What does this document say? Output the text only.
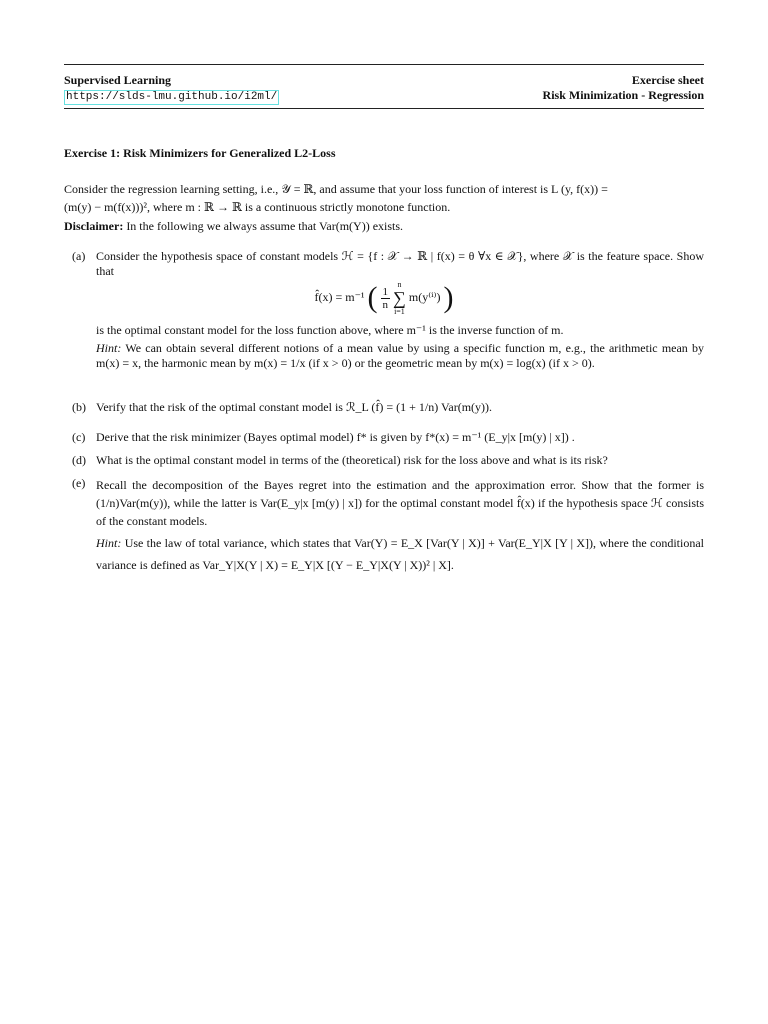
Supervised Learning
https://slds-lmu.github.io/i2ml/
Exercise sheet
Risk Minimization - Regression
Exercise 1: Risk Minimizers for Generalized L2-Loss
Consider the regression learning setting, i.e., 𝒴 = ℝ, and assume that your loss function of interest is L (y, f(x)) =
(m(y) − m(f(x)))², where m : ℝ → ℝ is a continuous strictly monotone function.
Disclaimer: In the following we always assume that Var(m(Y)) exists.
(a) Consider the hypothesis space of constant models ℋ = {f : 𝒳 → ℝ | f(x) = θ ∀x ∈ 𝒳}, where 𝒳 is the feature space. Show that
f̂(x) = m⁻¹ ( $\frac{1}{n}$
n
∑
i=1 m(y⁽ⁱ⁾) )
is the optimal constant model for the loss function above, where m⁻¹ is the inverse function of m.
Hint: We can obtain several different notions of a mean value by using a specific function m, e.g., the arithmetic mean by m(x) = x, the harmonic mean by m(x) = 1/x (if x > 0) or the geometric mean by m(x) = log(x) (if x > 0).
(b) Verify that the risk of the optimal constant model is ℛ_L (f̂) = (1 + 1/n) Var(m(y)).
(c) Derive that the risk minimizer (Bayes optimal model) f* is given by f*(x) = m⁻¹ (E_y|x [m(y) | x]) .
(d) What is the optimal constant model in terms of the (theoretical) risk for the loss above and what is its risk?
(e) Recall the decomposition of the Bayes regret into the estimation and the approximation error. Show that the former is (1/n)Var(m(y)), while the latter is Var(E_y|x [m(y) | x]) for the optimal constant model f̂(x) if the hypothesis space ℋ consists of the constant models.
Hint: Use the law of total variance, which states that Var(Y) = E_X [Var(Y | X)] + Var(E_Y|X [Y | X]), where the conditional variance is defined as Var_Y|X(Y | X) = E_Y|X [(Y − E_Y|X(Y | X))² | X].
